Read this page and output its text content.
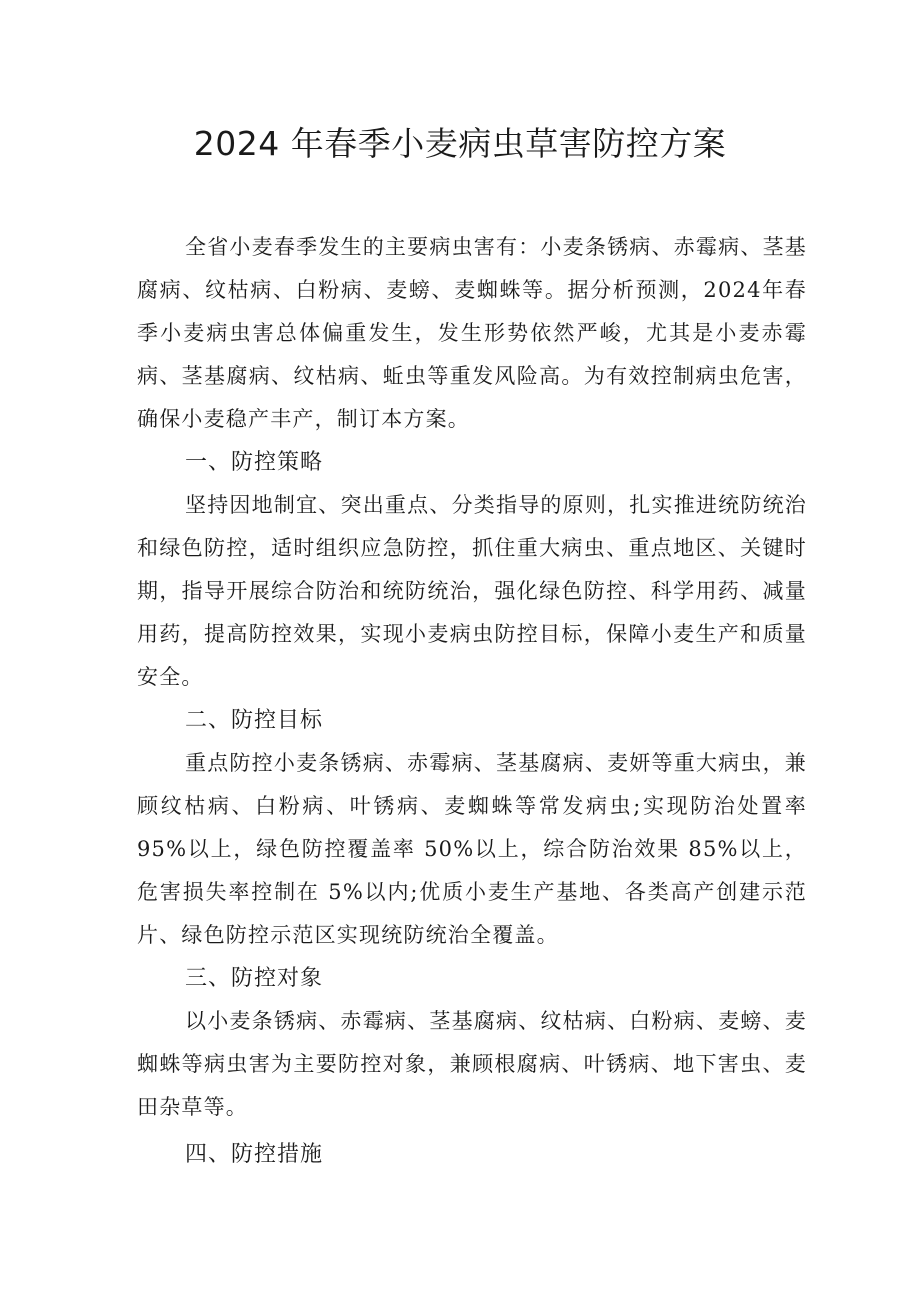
2024 年春季小麦病虫草害防控方案

全省小麦春季发生的主要病虫害有：小麦条锈病、赤霉病、茎基腐病、纹枯病、白粉病、麦螃、麦蜘蛛等。据分析预测，2024年春季小麦病虫害总体偏重发生，发生形势依然严峻，尤其是小麦赤霉病、茎基腐病、纹枯病、蚯虫等重发风险高。为有效控制病虫危害，确保小麦稳产丰产，制订本方案。

一、防控策略

坚持因地制宜、突出重点、分类指导的原则，扎实推进统防统治和绿色防控，适时组织应急防控，抓住重大病虫、重点地区、关键时期，指导开展综合防治和统防统治，强化绿色防控、科学用药、减量用药，提高防控效果，实现小麦病虫防控目标，保障小麦生产和质量安全。

二、防控目标

重点防控小麦条锈病、赤霉病、茎基腐病、麦妍等重大病虫，兼顾纹枯病、白粉病、叶锈病、麦蜘蛛等常发病虫;实现防治处置率 95%以上，绿色防控覆盖率 50%以上，综合防治效果 85%以上，危害损失率控制在 5%以内;优质小麦生产基地、各类高产创建示范片、绿色防控示范区实现统防统治全覆盖。

三、防控对象

以小麦条锈病、赤霉病、茎基腐病、纹枯病、白粉病、麦螃、麦蜘蛛等病虫害为主要防控对象，兼顾根腐病、叶锈病、地下害虫、麦田杂草等。

四、防控措施
